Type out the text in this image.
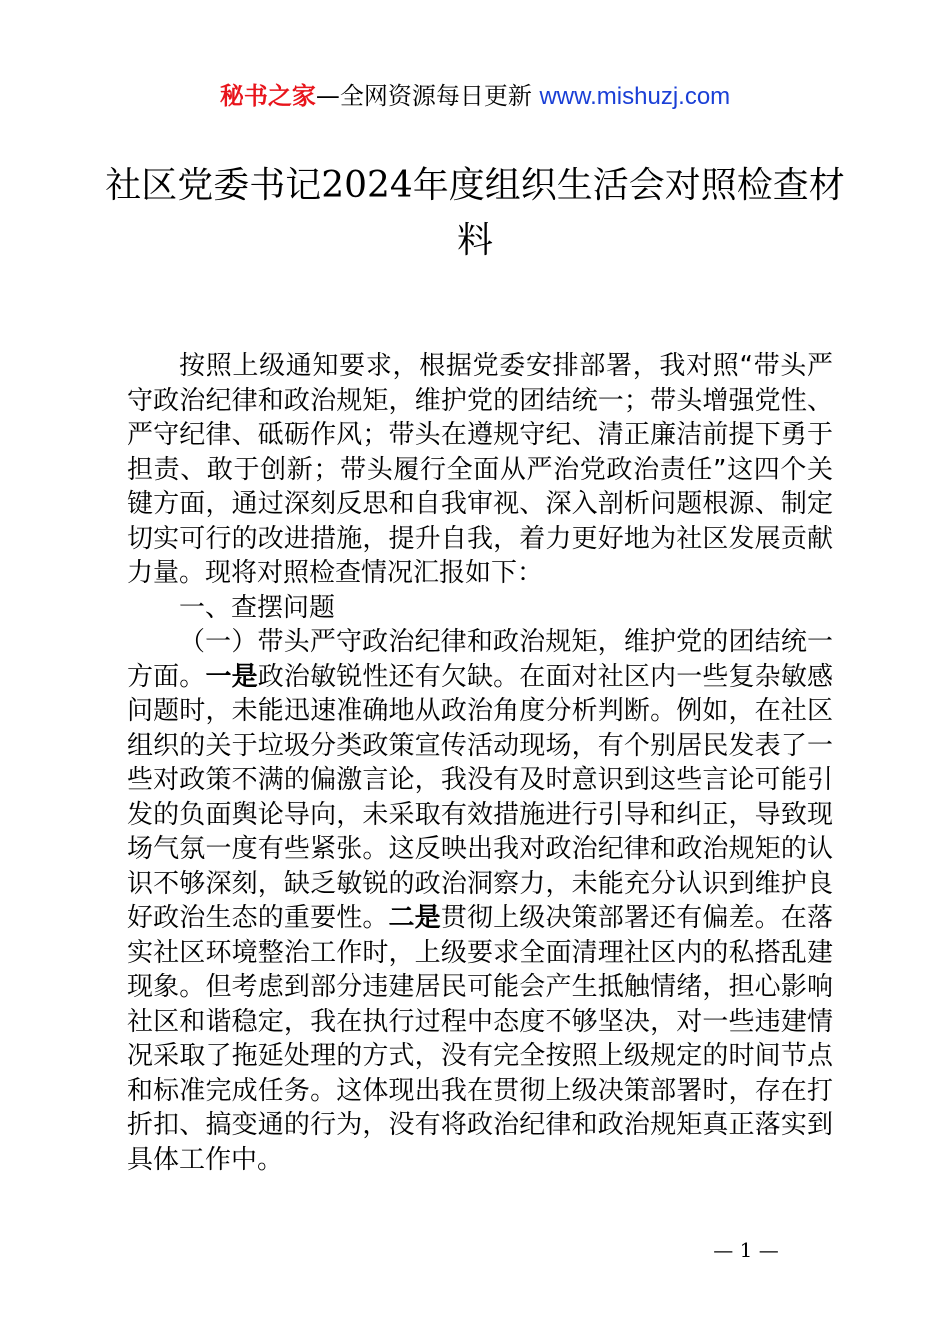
秘书之家—全网资源每日更新 www.mishuzj.com
社区党委书记2024年度组织生活会对照检查材料

按照上级通知要求，根据党委安排部署，我对照“带头严守政治纪律和政治规矩，维护党的团结统一；带头增强党性、严守纪律、砥砺作风；带头在遵规守纪、清正廉洁前提下勇于担责、敢于创新；带头履行全面从严治党政治责任”这四个关键方面，通过深刻反思和自我审视、深入剖析问题根源、制定切实可行的改进措施，提升自我，着力更好地为社区发展贡献力量。现将对照检查情况汇报如下：

一、查摆问题

（一）带头严守政治纪律和政治规矩，维护党的团结统一方面。一是政治敏锐性还有欠缺。在面对社区内一些复杂敏感问题时，未能迅速准确地从政治角度分析判断。例如，在社区组织的关于垃圾分类政策宣传活动现场，有个别居民发表了一些对政策不满的偏激言论，我没有及时意识到这些言论可能引发的负面舆论导向，未采取有效措施进行引导和纠正，导致现场气氛一度有些紧张。这反映出我对政治纪律和政治规矩的认识不够深刻，缺乏敏锐的政治洞察力，未能充分认识到维护良好政治生态的重要性。二是贯彻上级决策部署还有偏差。在落实社区环境整治工作时，上级要求全面清理社区内的私搭乱建现象。但考虑到部分违建居民可能会产生抵触情绪，担心影响社区和谐稳定，我在执行过程中态度不够坚决，对一些违建情况采取了拖延处理的方式，没有完全按照上级规定的时间节点和标准完成任务。这体现出我在贯彻上级决策部署时，存在打折扣、搞变通的行为，没有将政治纪律和政治规矩真正落实到具体工作中。

— 1 —
